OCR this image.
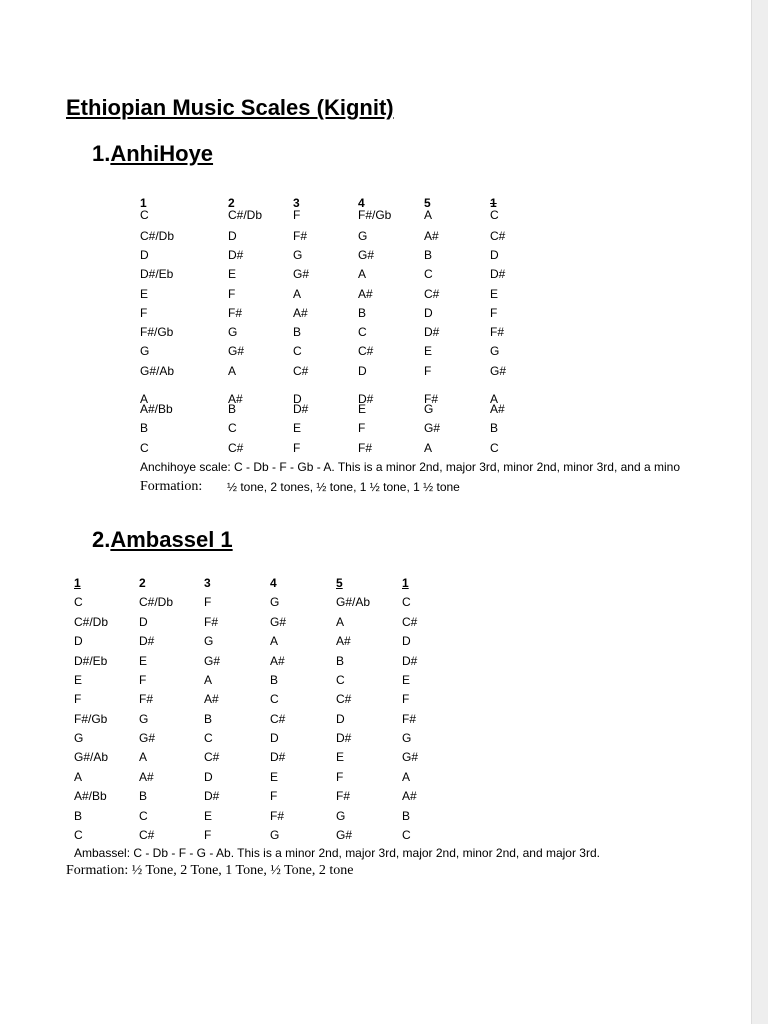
Ethiopian Music Scales (Kignit)
1.AnhiHoye
1	2	3	4	5	1
C	C#/Db	F	F#/Gb	A	C
C#/Db	D	F#	G	A#	C#
D	D#	G	G#	B	D
D#/Eb	E	G#	A	C	D#
E	F	A	A#	C#	E
F	F#	A#	B	D	F
F#/Gb	G	B	C	D#	F#
G	G#	C	C#	E	G
G#/Ab	A	C#	D	F	G#
A	A#	D	D#	F#	A
A#/Bb	B	D#	E	G	A#
B	C	E	F	G#	B
C	C#	F	F#	A	C
Anchihoye scale: C - Db - F - Gb - A. This is a minor 2nd, major 3rd, minor 2nd, minor 3rd, and a mino
Formation: ½ tone, 2 tones, ½ tone, 1 ½ tone, 1 ½ tone
2.Ambassel 1
1	2	3	4	5	1
C	C#/Db	F	G	G#/Ab	C
C#/Db	D	F#	G#	A	C#
D	D#	G	A	A#	D
D#/Eb	E	G#	A#	B	D#
E	F	A	B	C	E
F	F#	A#	C	C#	F
F#/Gb	G	B	C#	D	F#
G	G#	C	D	D#	G
G#/Ab	A	C#	D#	E	G#
A	A#	D	E	F	A
A#/Bb	B	D#	F	F#	A#
B	C	E	F#	G	B
C	C#	F	G	G#	C
Ambassel: C - Db - F - G - Ab. This is a minor 2nd, major 3rd, major 2nd, minor 2nd, and major 3rd.
Formation: ½ Tone, 2 Tone, 1 Tone, ½ Tone, 2 tone
